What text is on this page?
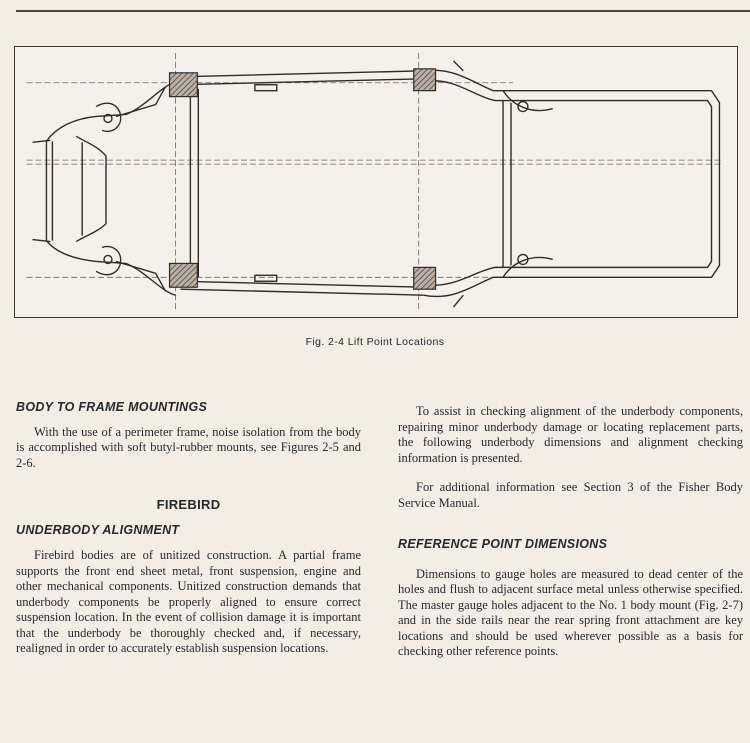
Fig. 2-4 Lift Point Locations

BODY TO FRAME MOUNTINGS

With the use of a perimeter frame, noise isolation from the body is accomplished with soft butyl-rubber mounts, see Figures 2-5 and 2-6.

FIREBIRD

UNDERBODY ALIGNMENT

Firebird bodies are of unitized construction. A partial frame supports the front end sheet metal, front suspension, engine and other mechanical components. Unitized construction demands that underbody components be properly aligned to ensure correct suspension location. In the event of collision damage it is important that the underbody be thoroughly checked and, if necessary, realigned in order to accurately establish suspension locations.

To assist in checking alignment of the underbody components, repairing minor underbody damage or locating replacement parts, the following underbody dimensions and alignment checking information is presented.

For additional information see Section 3 of the Fisher Body Service Manual.

REFERENCE POINT DIMENSIONS

Dimensions to gauge holes are measured to dead center of the holes and flush to adjacent surface metal unless otherwise specified. The master gauge holes adjacent to the No. 1 body mount (Fig. 2-7) and in the side rails near the rear spring front attachment are key locations and should be used wherever possible as a basis for checking other reference points.
